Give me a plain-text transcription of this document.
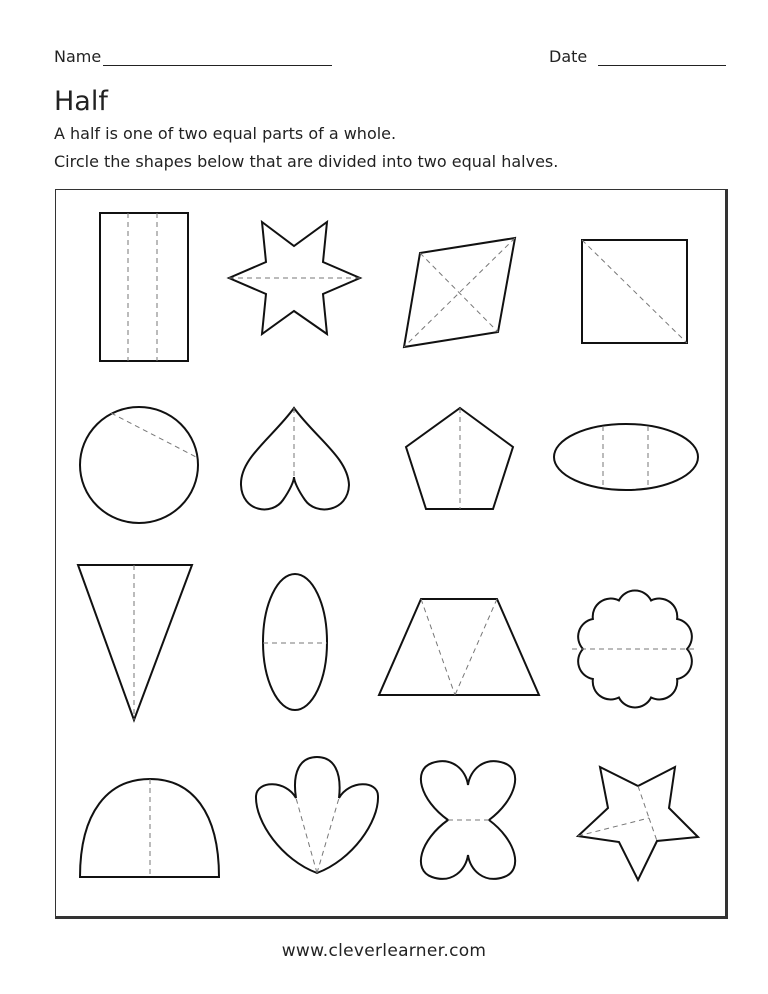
Name	Date
Half
A half is one of two equal parts of a whole.
Circle the shapes below that are divided into two equal halves.
www.cleverlearner.com
